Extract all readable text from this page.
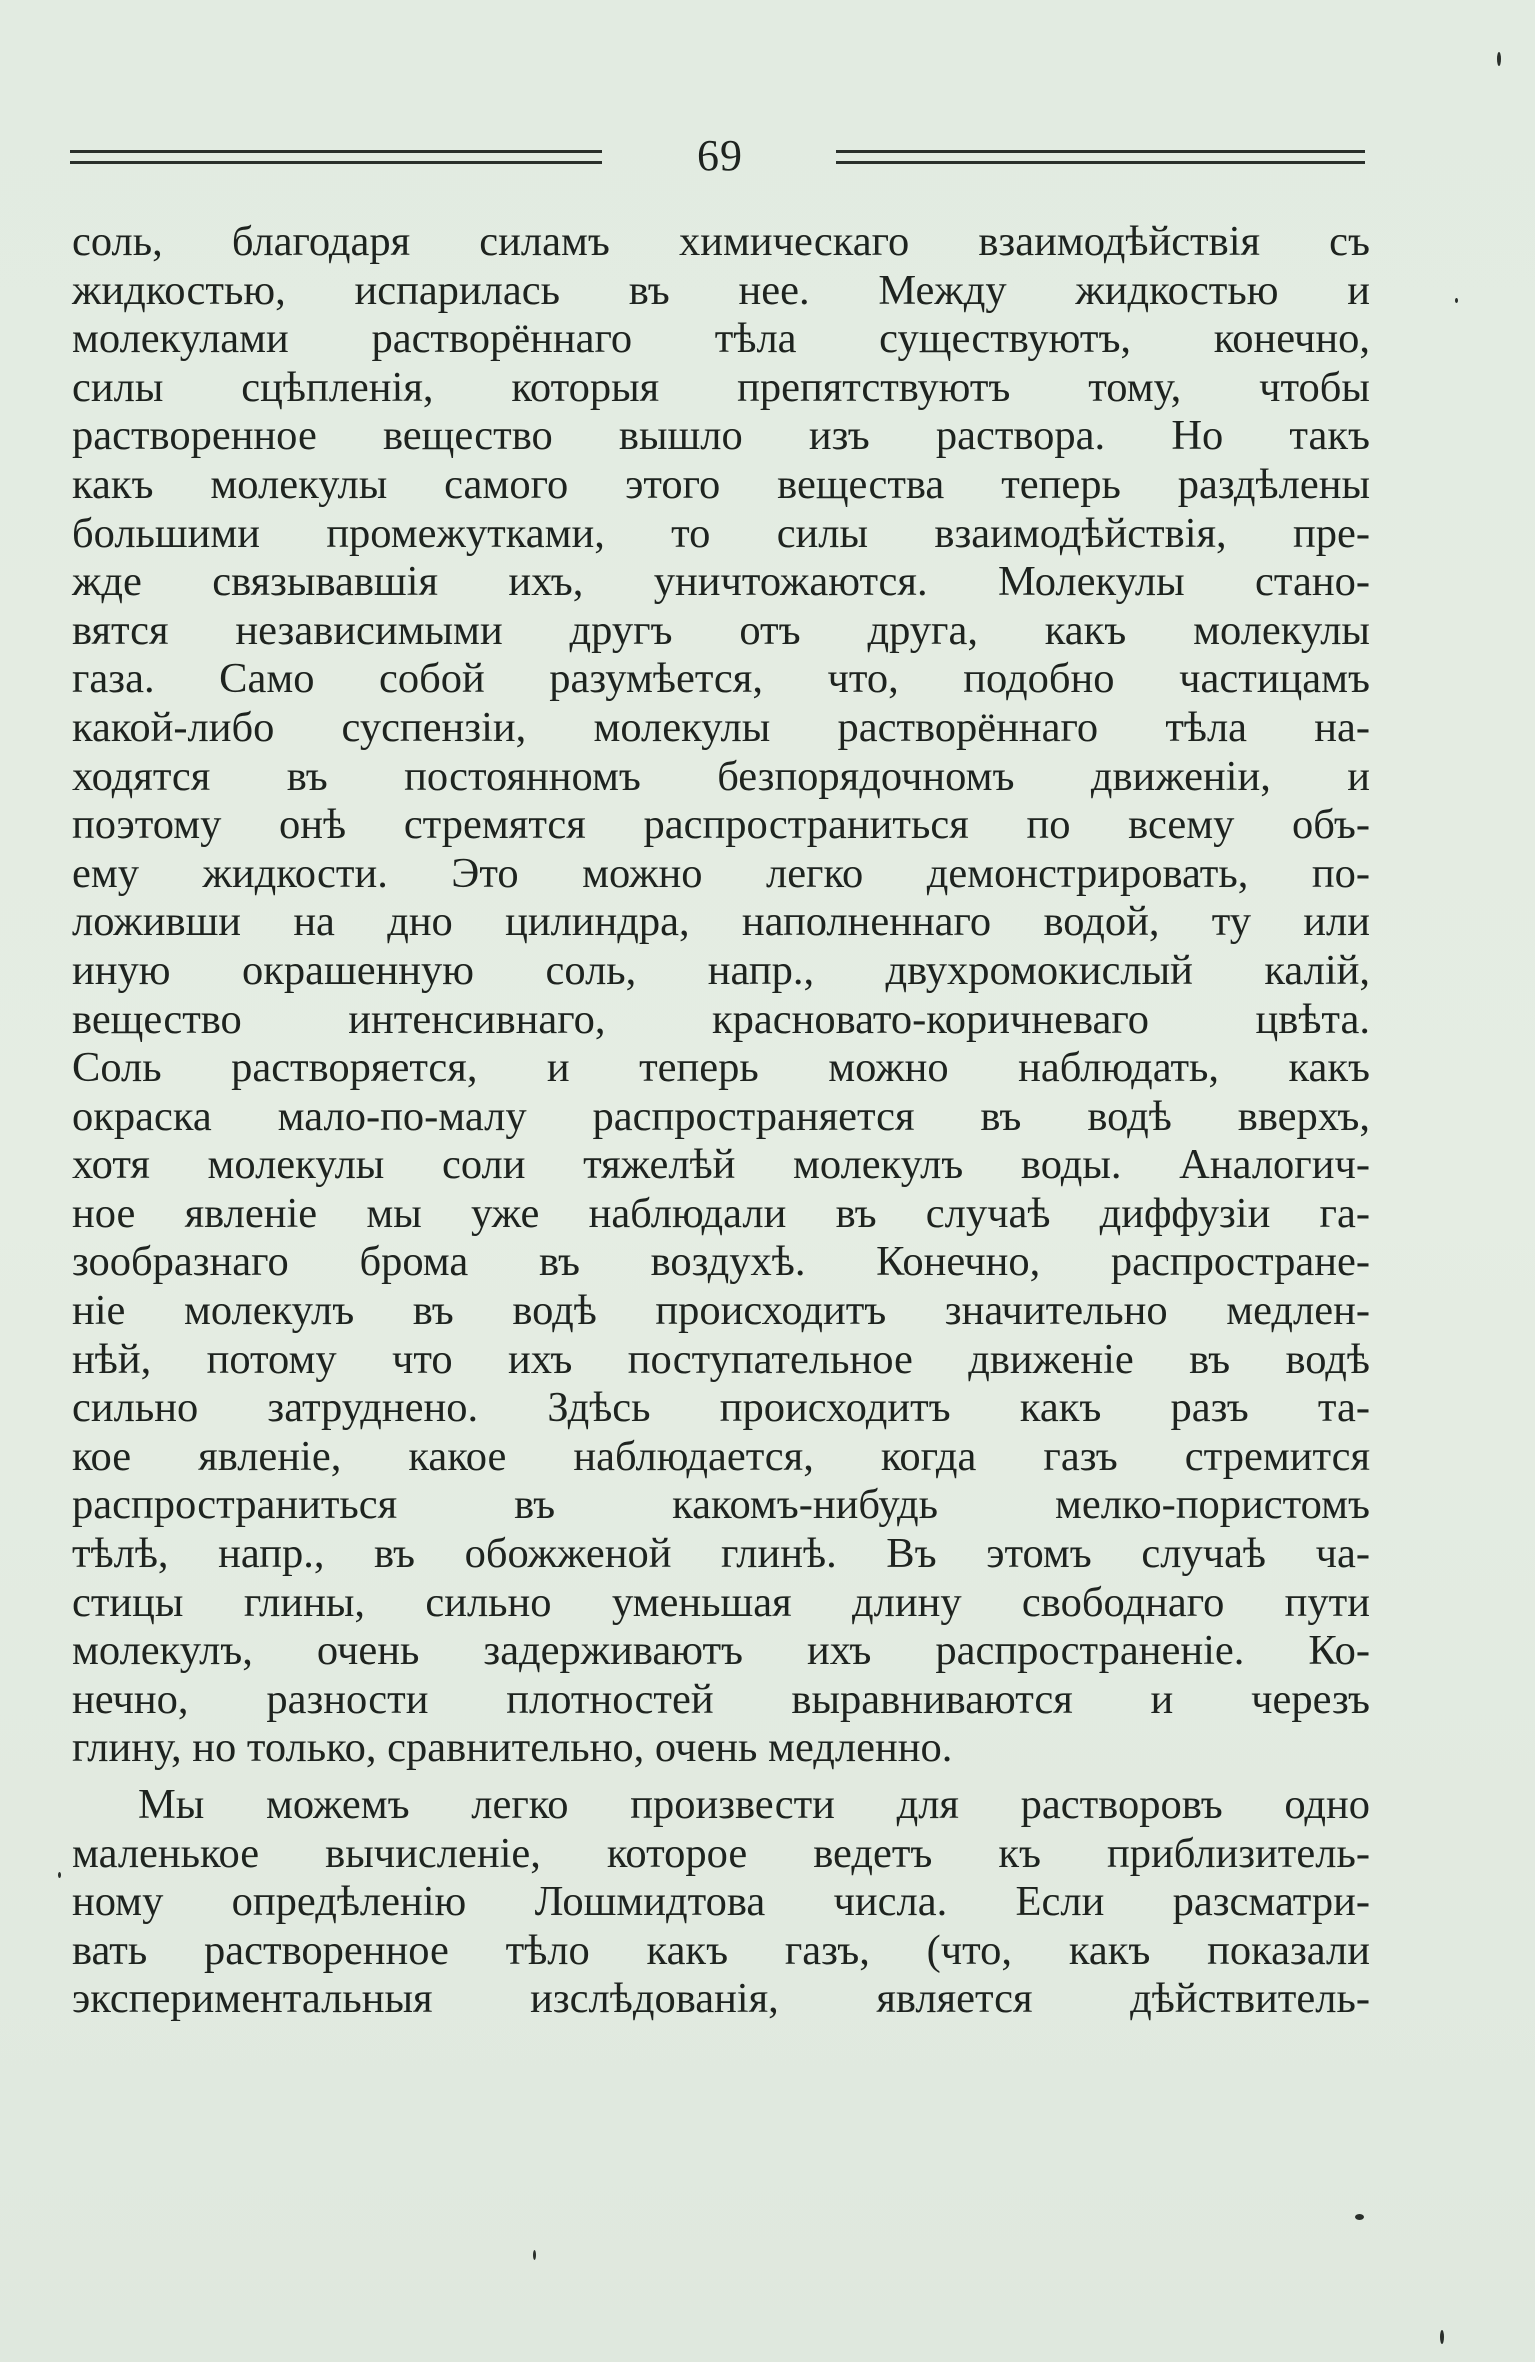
69
соль, благодаря силамъ химическаго взаимодѣйствія съ
жидкостью, испарилась въ нее. Между жидкостью и
молекулами растворённаго тѣла существуютъ, конечно,
силы сцѣпленія, которыя препятствуютъ тому, чтобы
растворенное вещество вышло изъ раствора. Но такъ
какъ молекулы самого этого вещества теперь раздѣлены
большими промежутками, то силы взаимодѣйствія, пре-
жде связывавшія ихъ, уничтожаются. Молекулы стано-
вятся независимыми другъ отъ друга, какъ молекулы
газа. Само собой разумѣется, что, подобно частицамъ
какой-либо суспензіи, молекулы растворённаго тѣла на-
ходятся въ постоянномъ безпорядочномъ движеніи, и
поэтому онѣ стремятся распространиться по всему объ-
ему жидкости. Это можно легко демонстрировать, по-
ложивши на дно цилиндра, наполненнаго водой, ту или
иную окрашенную соль, напр., двухромокислый калій,
вещество интенсивнаго, красновато-коричневаго цвѣта.
Соль растворяется, и теперь можно наблюдать, какъ
окраска мало-по-малу распространяется въ водѣ вверхъ,
хотя молекулы соли тяжелѣй молекулъ воды. Аналогич-
ное явленіе мы уже наблюдали въ случаѣ диффузіи га-
зообразнаго брома въ воздухѣ. Конечно, распростране-
ніе молекулъ въ водѣ происходитъ значительно медлен-
нѣй, потому что ихъ поступательное движеніе въ водѣ
сильно затруднено. Здѣсь происходитъ какъ разъ та-
кое явленіе, какое наблюдается, когда газъ стремится
распространиться въ какомъ-нибудь мелко-пористомъ
тѣлѣ, напр., въ обожженой глинѣ. Въ этомъ случаѣ ча-
стицы глины, сильно уменьшая длину свободнаго пути
молекулъ, очень задерживаютъ ихъ распространеніе. Ко-
нечно, разности плотностей выравниваются и черезъ
глину, но только, сравнительно, очень медленно.
Мы можемъ легко произвести для растворовъ одно
маленькое вычисленіе, которое ведетъ къ приблизитель-
ному опредѣленію Лошмидтова числа. Если разсматри-
вать растворенное тѣло какъ газъ, (что, какъ показали
экспериментальныя изслѣдованія, является дѣйствитель-
